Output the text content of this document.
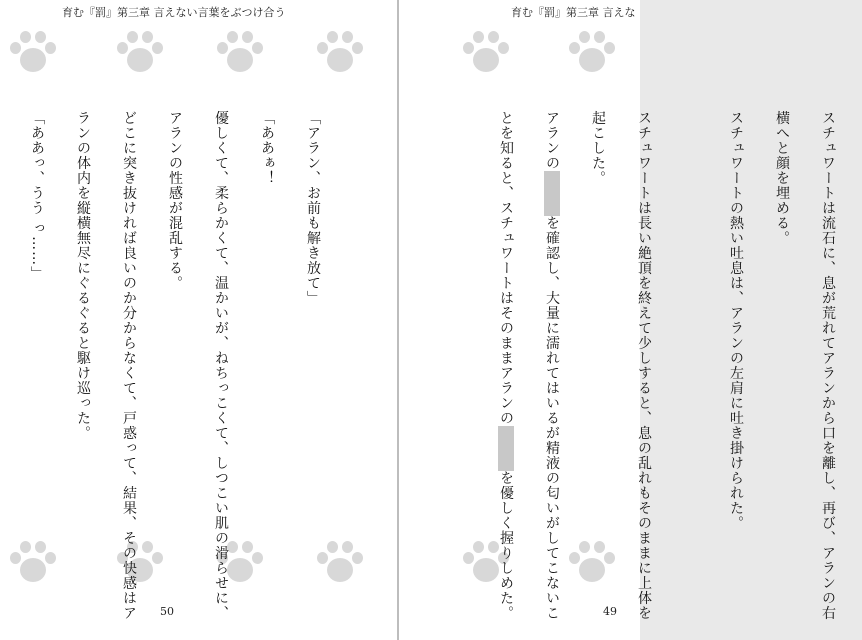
育む『罰』第三章 言えない言葉をぶつけ合う

「アラン、お前も解き放て」

「ああぁ！

優しくて、柔らかくて、温かいが、ねちっこくて、しつこい肌の滑らせに、

アランの性感が混乱する。

どこに突き抜ければ良いのか分からなくて、戸惑って、結果、その快感はア

ランの体内を縦横無尽にぐるぐると駆け巡った。

「ああっ、うう っ……」

50
育む『罰』第三章 言えな

スチュワートは流石に、息が荒れてアランから口を離し、再び、アランの右

横へと顔を埋める。

スチュワートの熱い吐息は、アランの左肩に吐き掛けられた。

スチュワートは長い絶頂を終えて少しすると、息の乱れもそのままに上体を

起こした。

アランのを確認し、大量に濡れてはいるが精液の匂いがしてこないこ

とを知ると、スチュワートはそのままアランのを優しく握りしめた。
	49
